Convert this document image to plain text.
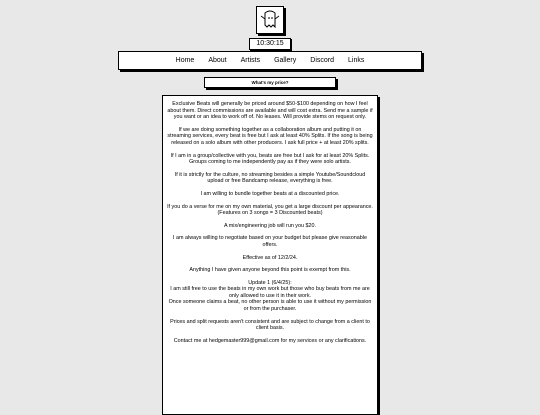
10:30:15
Home About Artists Gallery Discord Links
What's my price?

Exclusive Beats will generally be priced around $50-$100 depending on how I feel about them. Direct commissions are available and will cost extra. Send me a sample if you want or an idea to work off of. No leases. Will provide stems on request only.

If we are doing something together as a collaboration album and putting it on streaming services, every beat is free but I ask at least 40% Splits. If the song is being released on a solo album with other producers. I ask full price + at least 20% splits.

If I am in a group/collective with you, beats are free but I ask for at least 20% Splits. Groups coming to me independently pay as if they were solo artists.

If it is strictly for the culture, no streaming besides a simple Youtube/Soundcloud upload or free Bandcamp release, everything is free.

I am willing to bundle together beats at a discounted price.

If you do a verse for me on my own material, you get a large discount per appearance. (Features on 3 songs = 3 Discounted beats)

A mix/engineering job will run you $20.

I am always willing to negotiate based on your budget but please give reasonable offers.

Effective as of 12/2/24.

Anything I have given anyone beyond this point is exempt from this.

Update 1 (6/4/25):
I am still free to use the beats in my own work but those who buy beats from me are only allowed to use it in their work.
Once someone claims a beat, no other person is able to use it without my permission or from the purchaser.

Prices and split requests aren't consistent and are subject to change from a client to client basis.

Contact me at hedgemaster999@gmail.com for my services or any clarifications.
